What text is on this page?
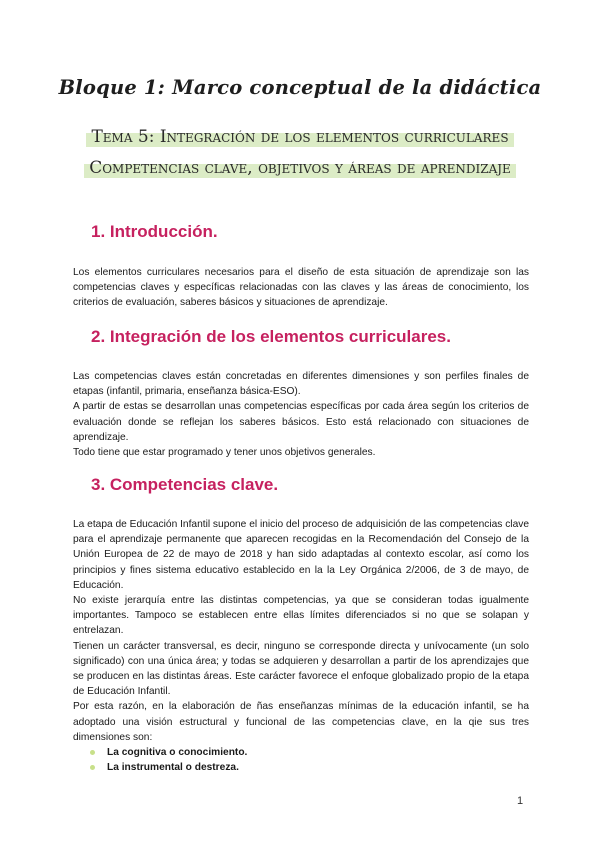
Bloque 1: Marco conceptual de la didáctica
Tema 5: Integración de los elementos curriculares
Competencias clave, objetivos y áreas de aprendizaje
1. Introducción.

Los elementos curriculares necesarios para el diseño de esta situación de aprendizaje son las competencias claves y específicas relacionadas con las claves y las áreas de conocimiento, los criterios de evaluación, saberes básicos y situaciones de aprendizaje.

2. Integración de los elementos curriculares.

Las competencias claves están concretadas en diferentes dimensiones y son perfiles finales de etapas (infantil, primaria, enseñanza básica-ESO).

A partir de estas se desarrollan unas competencias específicas por cada área según los criterios de evaluación donde se reflejan los saberes básicos. Esto está relacionado con situaciones de aprendizaje.

Todo tiene que estar programado y tener unos objetivos generales.

3. Competencias clave.

La etapa de Educación Infantil supone el inicio del proceso de adquisición de las competencias clave para el aprendizaje permanente que aparecen recogidas en la Recomendación del Consejo de la Unión Europea de 22 de mayo de 2018 y han sido adaptadas al contexto escolar, así como los principios y fines sistema educativo establecido en la la Ley Orgánica 2/2006, de 3 de mayo, de Educación.

No existe jerarquía entre las distintas competencias, ya que se consideran todas igualmente importantes. Tampoco se establecen entre ellas límites diferenciados si no que se solapan y entrelazan.

Tienen un carácter transversal, es decir, ninguno se corresponde directa y unívocamente (un solo significado) con una única área; y todas se adquieren y desarrollan a partir de los aprendizajes que se producen en las distintas áreas. Este carácter favorece el enfoque globalizado propio de la etapa de Educación Infantil.

Por esta razón, en la elaboración de ñas enseñanzas mínimas de la educación infantil, se ha adoptado una visión estructural y funcional de las competencias clave, en la qie sus tres dimensiones son:

La cognitiva o conocimiento.
La instrumental o destreza.
1
